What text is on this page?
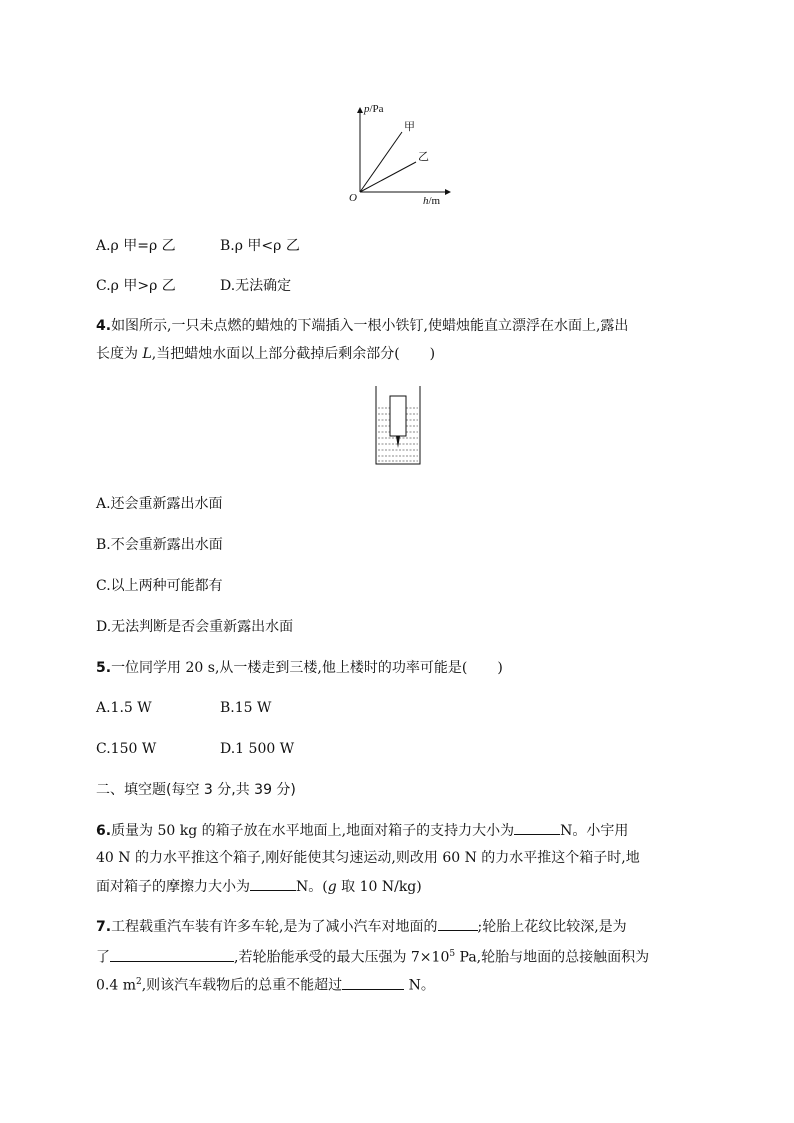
p/Pa
甲
乙
O	h/m
A.ρ 甲=ρ 乙	B.ρ 甲<ρ 乙
C.ρ 甲>ρ 乙	D.无法确定
4.如图所示,一只未点燃的蜡烛的下端插入一根小铁钉,使蜡烛能直立漂浮在水面上,露出
长度为 L,当把蜡烛水面以上部分截掉后剩余部分( )
A.还会重新露出水面
B.不会重新露出水面
C.以上两种可能都有
D.无法判断是否会重新露出水面
5.一位同学用 20 s,从一楼走到三楼,他上楼时的功率可能是( )
A.1.5 W	B.15 W
C.150 W	D.1 500 W
二、填空题(每空 3 分,共 39 分)
6.质量为 50 kg 的箱子放在水平地面上,地面对箱子的支持力大小为	N。小宇用
40 N 的力水平推这个箱子,刚好能使其匀速运动,则改用 60 N 的力水平推这个箱子时,地
面对箱子的摩擦力大小为	N。(g 取 10 N/kg)
7.工程载重汽车装有许多车轮,是为了减小汽车对地面的	;轮胎上花纹比较深,是为
了	,若轮胎能承受的最大压强为 $7\times 10^5$ Pa,轮胎与地面的总接触面积为
0.4 $m^2$,则该汽车载物后的总重不能超过	N。
